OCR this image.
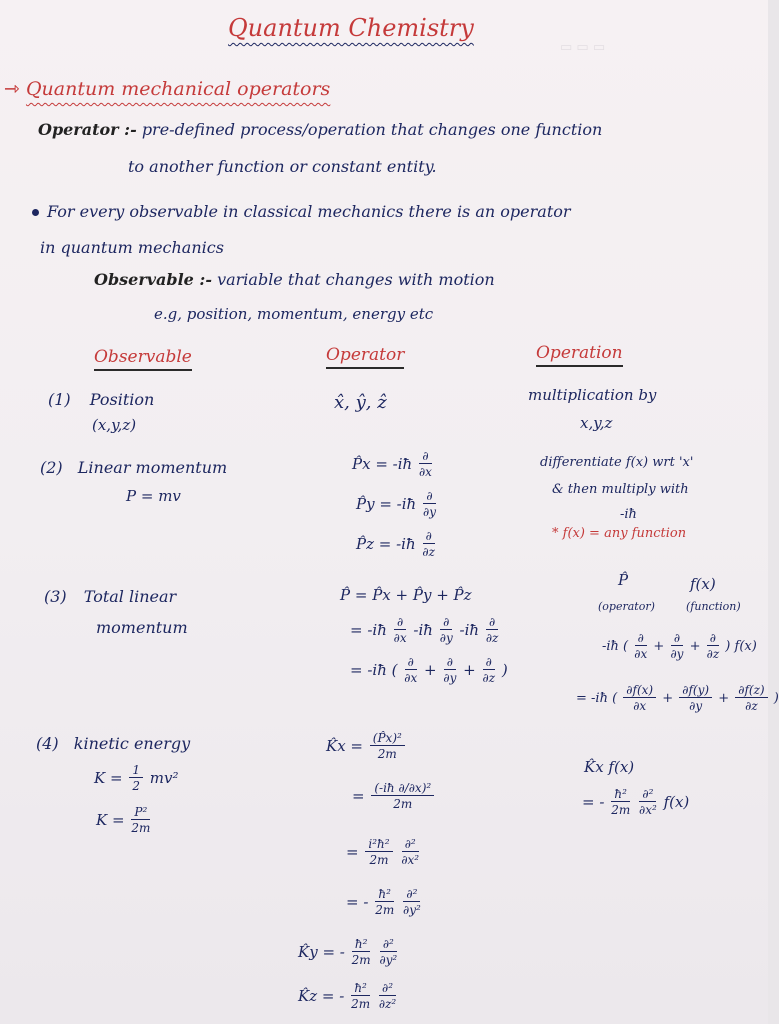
▭ ▭ ▭
Quantum Chemistry
⇾ Quantum mechanical operators
Operator :- pre-defined process/operation that changes one function
to another function or constant entity.
For every observable in classical mechanics there is an operator
in quantum mechanics
Observable :- variable that changes with motion
e.g, position, momentum, energy etc
Observable	Operator	Operation
(1) Position
(x,y,z)
x̂, ŷ, ẑ	multiplication by
x,y,z
(2) Linear momentum
P = mv
P̂x = -iħ $\frac{\partial}{\partial x}$
P̂y = -iħ $\frac{\partial}{\partial y}$
P̂z = -iħ $\frac{\partial}{\partial z}$
differentiate f(x) wrt 'x'
& then multiply with
-iħ
* f(x) = any function
(3) Total linear
momentum
P̂ = P̂x + P̂y + P̂z
= -iħ $\frac{\partial}{\partial x}$ -iħ $\frac{\partial}{\partial y}$ -iħ $\frac{\partial}{\partial z}$
= -iħ ( $\frac{\partial}{\partial x} + \frac{\partial}{\partial y} + \frac{\partial}{\partial z}$ )
P̂	f(x)
(operator)	(function)
-iħ ( $\frac{\partial}{\partial x} + \frac{\partial}{\partial y} + \frac{\partial}{\partial z}$ ) f(x)
= -iħ ( $\frac{\partial f(x)}{\partial x} + \frac{\partial f(y)}{\partial y} + \frac{\partial f(z)}{\partial z}$ )
(4) kinetic energy
$K = \frac{1}{2} mv^2$
$K = \frac{\text{P²}}{2m}$
K̂x = $\frac{\text{(P̂x)²}}{2m}$
= $\frac{\text{(-iħ ∂/∂x)²}}{2m}$
= $\frac{\text{i²ħ²}}{2m}$
$\frac{\text{∂²}}{\text{∂x²}}$
= - $\frac{\text{ħ²}}{2m}$
$\frac{\text{∂²}}{\text{∂y²}}$
K̂y = - $\frac{\text{ħ²}}{2m}$
$\frac{\text{∂²}}{\text{∂y²}}$
K̂z = - $\frac{\text{ħ²}}{2m}$
$\frac{\text{∂²}}{\text{∂z²}}$
K̂x f(x)
= - $\frac{\text{ħ²}}{2m}$
$\frac{\text{∂²}}{\text{∂x²}} f(x)$
